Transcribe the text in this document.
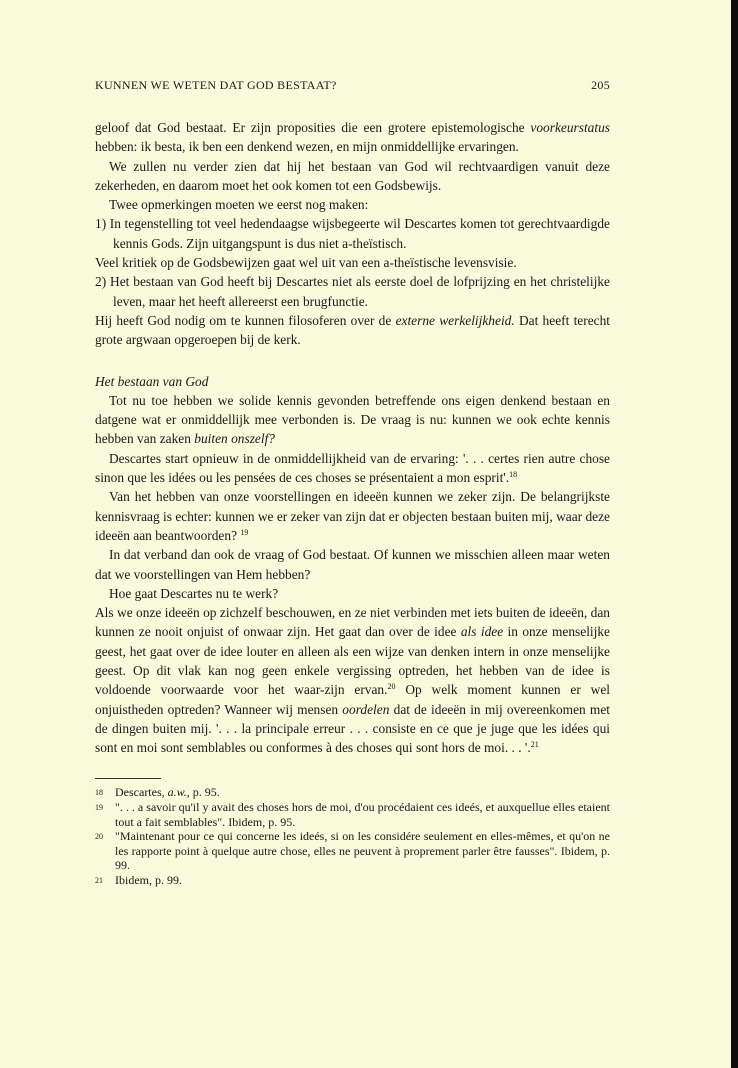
KUNNEN WE WETEN DAT GOD BESTAAT?	205

geloof dat God bestaat. Er zijn proposities die een grotere epistemologische voorkeurstatus hebben: ik besta, ik ben een denkend wezen, en mijn onmiddellijke ervaringen.

We zullen nu verder zien dat hij het bestaan van God wil rechtvaardigen vanuit deze zekerheden, en daarom moet het ook komen tot een Godsbewijs.

Twee opmerkingen moeten we eerst nog maken:

1) In tegenstelling tot veel hedendaagse wijsbegeerte wil Descartes komen tot gerechtvaardigde kennis Gods. Zijn uitgangspunt is dus niet a-theïstisch.

Veel kritiek op de Godsbewijzen gaat wel uit van een a-theïstische levensvisie.

2) Het bestaan van God heeft bij Descartes niet als eerste doel de lofprijzing en het christelijke leven, maar het heeft allereerst een brugfunctie.

Hij heeft God nodig om te kunnen filosoferen over de externe werkelijkheid. Dat heeft terecht grote argwaan opgeroepen bij de kerk.

Het bestaan van God

Tot nu toe hebben we solide kennis gevonden betreffende ons eigen denkend bestaan en datgene wat er onmiddellijk mee verbonden is. De vraag is nu: kunnen we ook echte kennis hebben van zaken buiten onszelf?

Descartes start opnieuw in de onmiddellijkheid van de ervaring: '. . . certes rien autre chose sinon que les idées ou les pensées de ces choses se présentaient a mon esprit'.$^{18}$

Van het hebben van onze voorstellingen en ideeën kunnen we zeker zijn. De belangrijkste kennisvraag is echter: kunnen we er zeker van zijn dat er objecten bestaan buiten mij, waar deze ideeën aan beantwoorden? $^{19}$

In dat verband dan ook de vraag of God bestaat. Of kunnen we misschien alleen maar weten dat we voorstellingen van Hem hebben?

Hoe gaat Descartes nu te werk?

Als we onze ideeën op zichzelf beschouwen, en ze niet verbinden met iets buiten de ideeën, dan kunnen ze nooit onjuist of onwaar zijn. Het gaat dan over de idee als idee in onze menselijke geest, het gaat over de idee louter en alleen als een wijze van denken intern in onze menselijke geest. Op dit vlak kan nog geen enkele vergissing optreden, het hebben van de idee is voldoende voorwaarde voor het waar-zijn ervan.$^{20}$ Op welk moment kunnen er wel onjuistheden optreden? Wanneer wij mensen oordelen dat de ideeën in mij overeenkomen met de dingen buiten mij. '. . . la principale erreur . . . consiste en ce que je juge que les idées qui sont en moi sont semblables ou conformes à des choses qui sont hors de moi. . . '.$^{21}$

18	Descartes, a.w., p. 95.

19	". . . a savoir qu'il y avait des choses hors de moi, d'ou procédaient ces ideés, et auxquellue elles etaient tout a fait semblables". Ibidem, p. 95.

20	"Maintenant pour ce qui concerne les ideés, si on les considére seulement en elles-mêmes, et qu'on ne les rapporte point à quelque autre chose, elles ne peuvent à proprement parler être fausses". Ibidem, p. 99.

21	Ibidem, p. 99.
